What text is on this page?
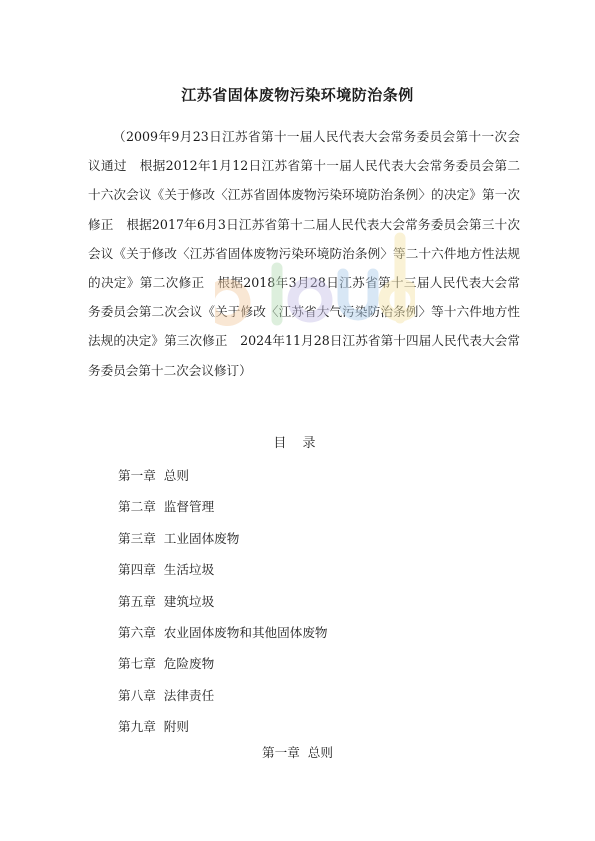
江苏省固体废物污染环境防治条例
（2009年9月23日江苏省第十一届人民代表大会常务委员会第十一次会议通过　根据2012年1月12日江苏省第十一届人民代表大会常务委员会第二十六次会议《关于修改〈江苏省固体废物污染环境防治条例〉的决定》第一次修正　根据2017年6月3日江苏省第十二届人民代表大会常务委员会第三十次会议《关于修改〈江苏省固体废物污染环境防治条例〉等二十六件地方性法规的决定》第二次修正　根据2018年3月28日江苏省第十三届人民代表大会常务委员会第二次会议《关于修改〈江苏省大气污染防治条例〉等十六件地方性法规的决定》第三次修正　2024年11月28日江苏省第十四届人民代表大会常务委员会第十二次会议修订）
目 录
第一章 总则
第二章 监督管理
第三章 工业固体废物
第四章 生活垃圾
第五章 建筑垃圾
第六章 农业固体废物和其他固体废物
第七章 危险废物
第八章 法律责任
第九章 附则
第一章 总则
